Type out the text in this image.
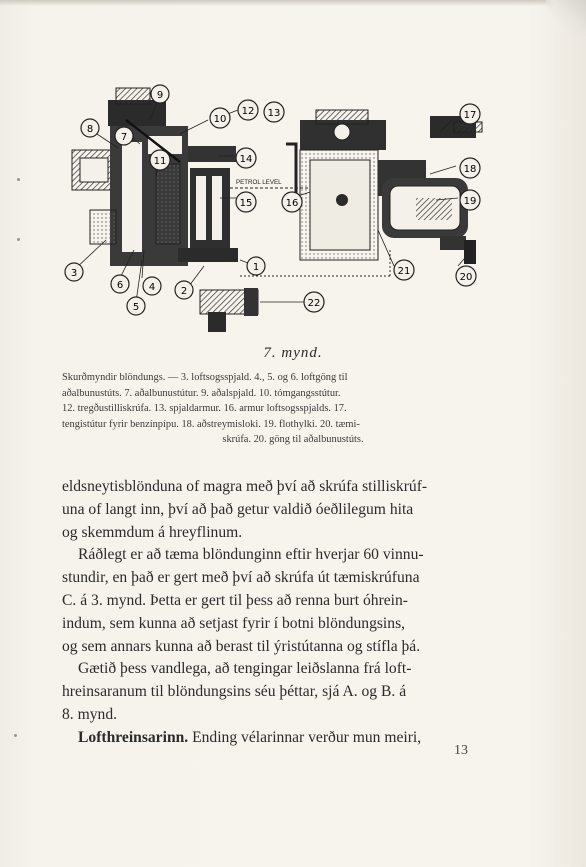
PETROL LEVEL
1
2
3
4
5
6
7
8
9
10
11
12 13
14
15	16
17
18
19
20
21
22
7. mynd.
Skurðmyndir blöndungs. — 3. loftsogsspjald. 4., 5. og 6. loftgöng til
aðalbunustúts. 7. aðalbunustútur. 9. aðalspjald. 10. tómgangsstútur.
12. tregðustilliskrúfa. 13. spjaldarmur. 16. armur loftsogsspjalds. 17.
tengistútur fyrir benzínpípu. 18. aðstreymisloki. 19. flothylki. 20. tæmi-
skrúfa. 20. göng til aðalbunustúts.
eldsneytisblönduna of magra með því að skrúfa stilliskrúf-
una of langt inn, því að það getur valdið óeðlilegum hita
og skemmdum á hreyflinum.
Ráðlegt er að tæma blöndunginn eftir hverjar 60 vinnu-
stundir, en það er gert með því að skrúfa út tæmiskrúfuna
C. á 3. mynd. Þetta er gert til þess að renna burt óhrein-
indum, sem kunna að setjast fyrir í botni blöndungsins,
og sem annars kunna að berast til ýristútanna og stífla þá.
Gætið þess vandlega, að tengingar leiðslanna frá loft-
hreinsaranum til blöndungsins séu þéttar, sjá A. og B. á
8. mynd.
Lofthreinsarinn. Ending vélarinnar verður mun meiri,
13
